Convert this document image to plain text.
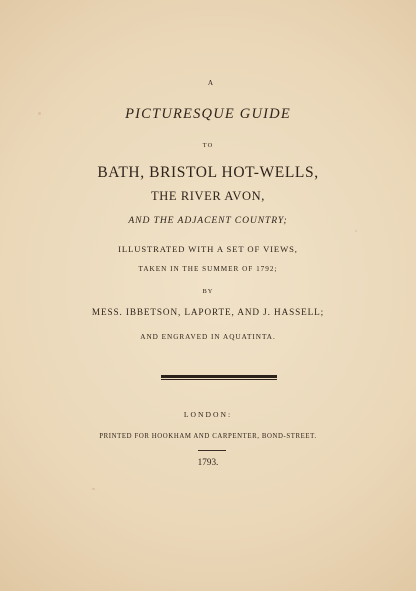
A
PICTURESQUE GUIDE
TO
BATH, BRISTOL HOT-WELLS,
THE RIVER AVON,
AND THE ADJACENT COUNTRY;
ILLUSTRATED WITH A SET OF VIEWS,
TAKEN IN THE SUMMER OF 1792;
BY
MESS. IBBETSON, LAPORTE, AND J. HASSELL;
AND ENGRAVED IN AQUATINTA.
LONDON:
PRINTED FOR HOOKHAM AND CARPENTER, BOND-STREET.
1793.
